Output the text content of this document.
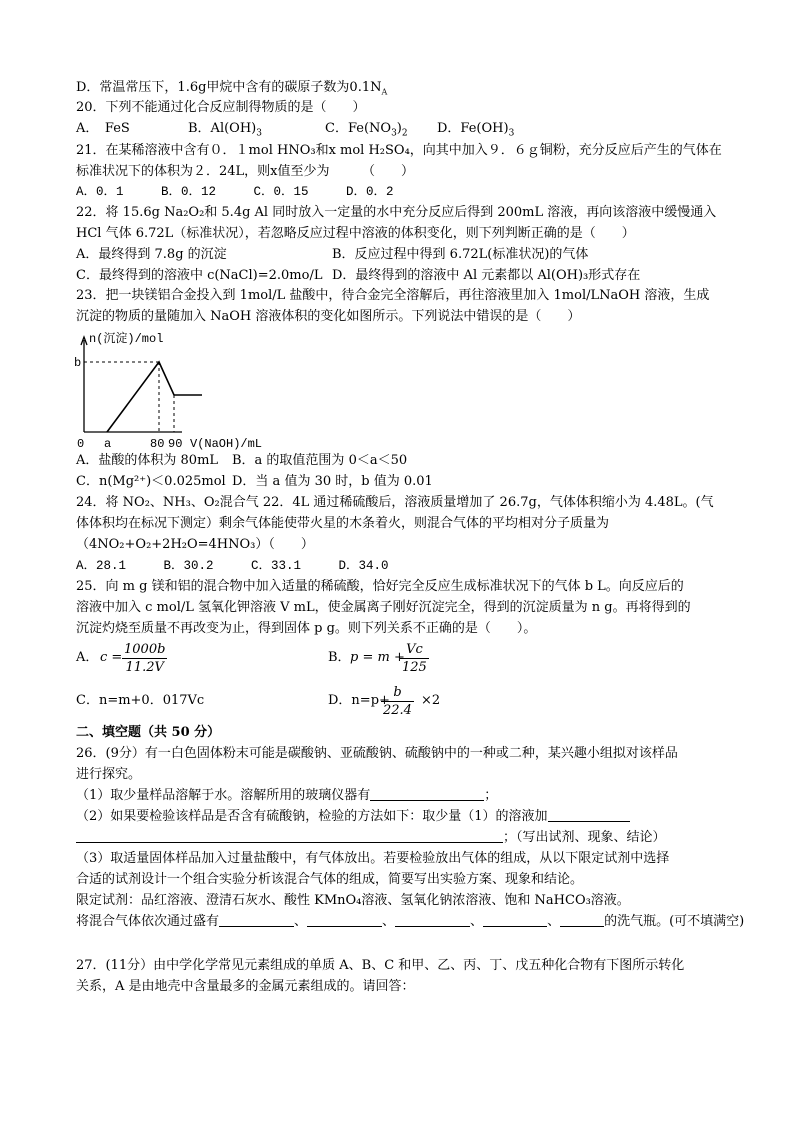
D．常温常压下，1.6g甲烷中含有的碳原子数为$0.1N_A$
20．下列不能通过化合反应制得物质的是（　　）
A．　FeS	B．$Al(OH)_3$	C．$Fe(NO_3)_2$ D．$Fe(OH)_3$
21．在某稀溶液中含有０．１mol HNO₃和x mol H₂SO₄，向其中加入９．６ｇ铜粉，充分反应后产生的气体在
标准状况下的体积为２．24L，则x值至少为　　　（　　）
A．0．1　　　B．0．12　　　C．0．15　　　D．0．2
22．将 15.6g Na₂O₂和 5.4g Al 同时放入一定量的水中充分反应后得到 200mL 溶液，再向该溶液中缓慢通入
HCl 气体 6.72L（标准状况），若忽略反应过程中溶液的体积变化，则下列判断正确的是（　　）
A．最终得到 7.8g 的沉淀	B．反应过程中得到 6.72L(标准状况)的气体
C．最终得到的溶液中 c(NaCl)=2.0mo/L D．最终得到的溶液中 Al 元素都以 Al(OH)₃形式存在
23．把一块镁铝合金投入到 1mol/L 盐酸中，待合金完全溶解后，再往溶液里加入 1mol/LNaOH 溶液，生成
沉淀的物质的量随加入 NaOH 溶液体积的变化如图所示。下列说法中错误的是（　　）
n(沉淀)/mol
b
0 a	80 90 V(NaOH)/mL
A．盐酸的体积为 80mL B．a 的取值范围为 0＜a＜50
C．n(Mg²⁺)＜0.025mol D．当 a 值为 30 时，b 值为 0.01
24．将 NO₂、NH₃、O₂混合气 22．4L 通过稀硫酸后，溶液质量增加了 26.7g，气体体积缩小为 4.48L。(气
体体积均在标况下测定）剩余气体能使带火星的木条着火，则混合气体的平均相对分子质量为
（4NO₂+O₂+2H₂O=4HNO₃）（　　）
A．28.1　　　B．30.2　　　C．33.1　　　D．34.0
25．向 m g 镁和铝的混合物中加入适量的稀硫酸，恰好完全反应生成标准状况下的气体 b L。向反应后的
溶液中加入 c mol/L 氢氧化钾溶液 V mL，使金属离子刚好沉淀完全，得到的沉淀质量为 n g。再将得到的
沉淀灼烧至质量不再改变为止，得到固体 p g。则下列关系不正确的是（　　）。
A． $c = \frac{1000b}{11.2V}$	B． p = m +
$\frac{Vc}{125}$
C．n=m+0．017Vc	D．n=p+
$\frac{b}{22.4} \times 2$
二、填空题（共 50 分）
26．(9分）有一白色固体粉末可能是碳酸钠、亚硫酸钠、硫酸钠中的一种或二种，某兴趣小组拟对该样品
进行探究。
（1）取少量样品溶解于水。溶解所用的玻璃仪器有	；
（2）如果要检验该样品是否含有硫酸钠，检验的方法如下：取少量（1）的溶液加
；（写出试剂、现象、结论）
（3）取适量固体样品加入过量盐酸中，有气体放出。若要检验放出气体的组成，从以下限定试剂中选择
合适的试剂设计一个组合实验分析该混合气体的组成，简要写出实验方案、现象和结论。
限定试剂：品红溶液、澄清石灰水、酸性 KMnO₄溶液、氢氧化钠浓溶液、饱和 NaHCO₃溶液。
将混合气体依次通过盛有	、	、	、	、	的洗气瓶。(可不填满空)
27．(11分）由中学化学常见元素组成的单质 A、B、C 和甲、乙、丙、丁、戊五种化合物有下图所示转化
关系，A 是由地壳中含量最多的金属元素组成的。请回答：
